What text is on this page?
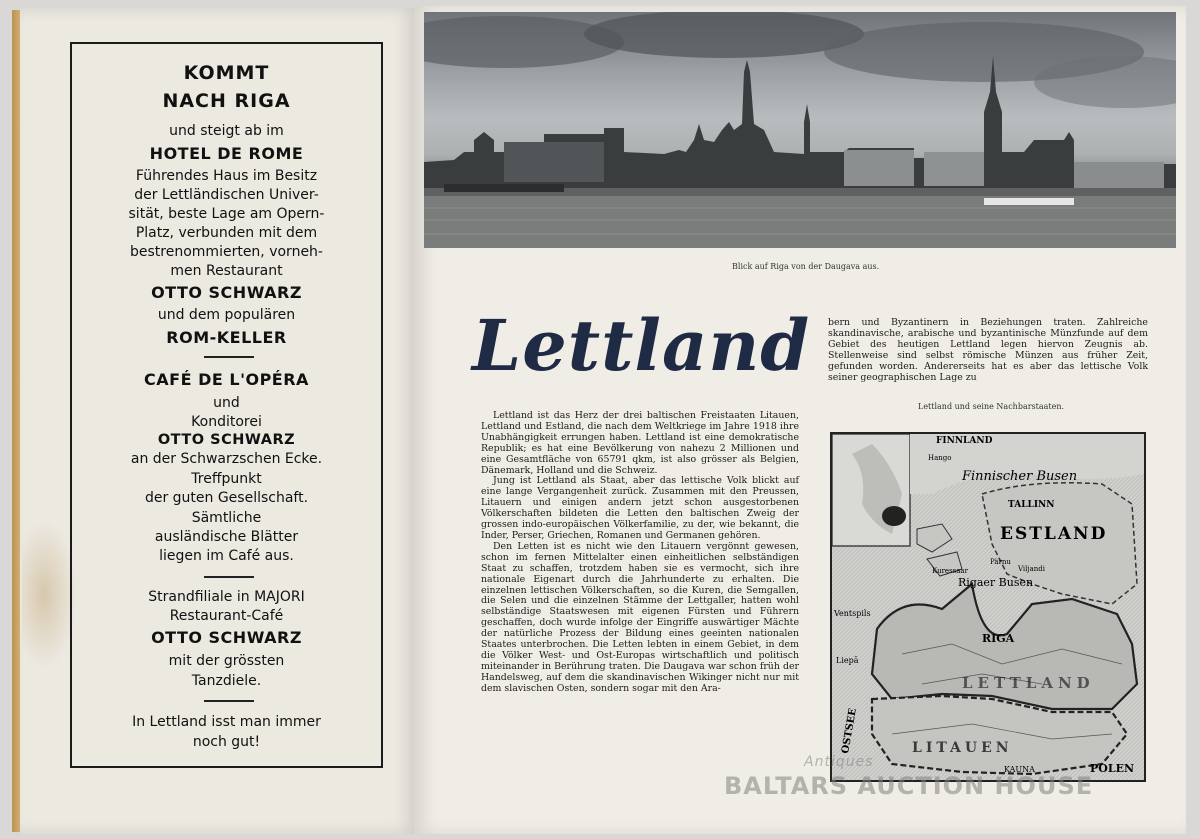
KOMMT
NACH RIGA
und steigt ab im
HOTEL DE ROME
Führendes Haus im Besitz
der Lettländischen Univer-
sität, beste Lage am Opern-
Platz, verbunden mit dem
bestrenommierten, vorneh-
men Restaurant
OTTO SCHWARZ
und dem populären
ROM-KELLER
CAFÉ DE L'OPÉRA
und
Konditorei
OTTO SCHWARZ
an der Schwarzschen Ecke.
Treffpunkt
der guten Gesellschaft.
Sämtliche
ausländische Blätter
liegen im Café aus.
Strandfiliale in MAJORI
Restaurant-Café
OTTO SCHWARZ
mit der grössten
Tanzdiele.
In Lettland isst man immer
noch gut!
Blick auf Riga von der Daugava aus.
Lettland

Lettland ist das Herz der drei baltischen Freistaaten Litauen, Lettland und Estland, die nach dem Weltkriege im Jahre 1918 ihre Unabhängigkeit errungen haben. Lettland ist eine demokratische Republik; es hat eine Bevölkerung von nahezu 2 Millionen und eine Gesamtfläche von 65791 qkm, ist also grösser als Belgien, Dänemark, Holland und die Schweiz.

Jung ist Lettland als Staat, aber das lettische Volk blickt auf eine lange Vergangenheit zurück. Zusammen mit den Preussen, Litauern und einigen andern jetzt schon ausgestorbenen Völkerschaften bildeten die Letten den baltischen Zweig der grossen indo-europäischen Völkerfamilie, zu der, wie bekannt, die Inder, Perser, Griechen, Romanen und Germanen gehören.

Den Letten ist es nicht wie den Litauern vergönnt gewesen, schon im fernen Mittelalter einen einheitlichen selbständigen Staat zu schaffen, trotzdem haben sie es vermocht, sich ihre nationale Eigenart durch die Jahrhunderte zu erhalten. Die einzelnen lettischen Völkerschaften, so die Kuren, die Semgallen, die Selen und die einzelnen Stämme der Lettgaller, hatten wohl selbständige Staatswesen mit eigenen Fürsten und Führern geschaffen, doch wurde infolge der Eingriffe auswärtiger Mächte der natürliche Prozess der Bildung eines geeinten nationalen Staates unterbrochen. Die Letten lebten in einem Gebiet, in dem die Völker West- und Ost-Europas wirtschaftlich und politisch miteinander in Berührung traten. Die Daugava war schon früh der Handelsweg, auf dem die skandinavischen Wikinger nicht nur mit dem slavischen Osten, sondern sogar mit den Ara-

bern und Byzantinern in Beziehungen traten. Zahlreiche skandinavische, arabische und byzantinische Münzfunde auf dem Gebiet des heutigen Lettland legen hiervon Zeugnis ab. Stellenweise sind selbst römische Münzen aus früher Zeit, gefunden worden. Andererseits hat es aber das lettische Volk seiner geographischen Lage zu
Lettland und seine Nachbarstaaten.
FINNLAND
Hango
Finnischer Busen
TALLINN
ESTLAND
Pärnu
Viljandi
Kuressaar
Rigaer Busen
Ventspils
RIGA
Liepā
LETTLAND
LITAUEN
KAUNA	POLEN
OSTSEE
Antiques
BALTARS AUCTION HOUSE
